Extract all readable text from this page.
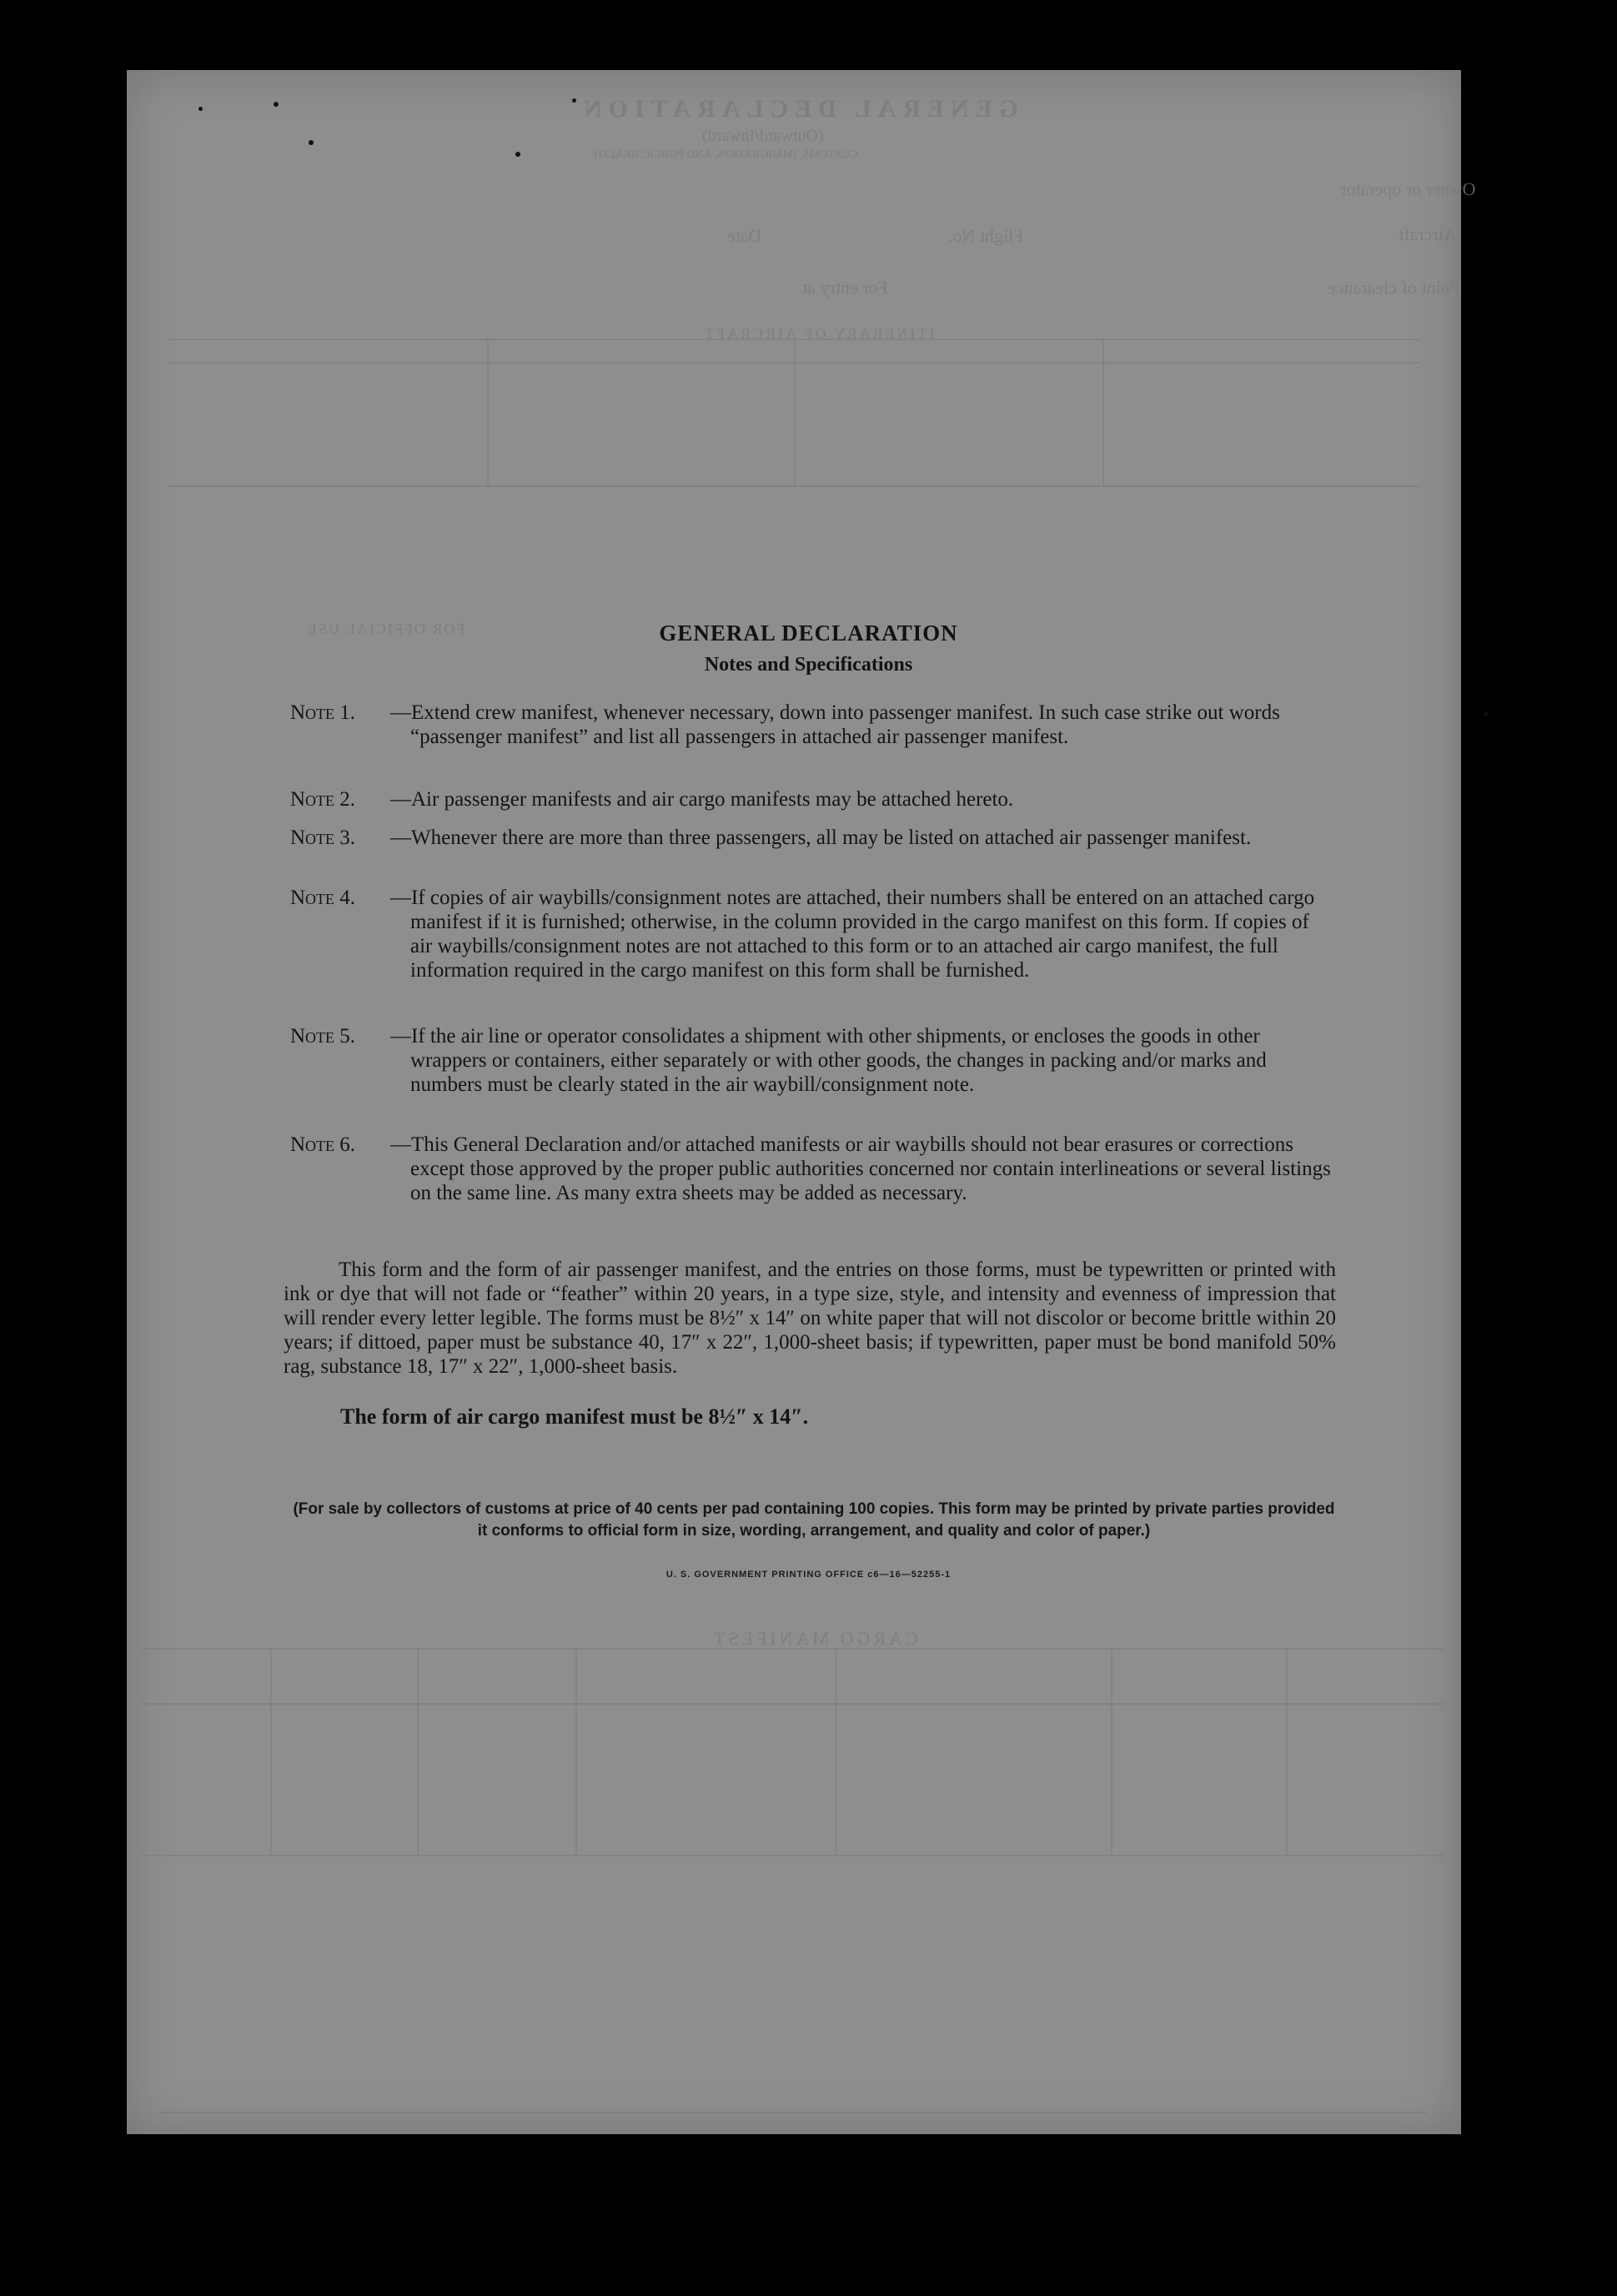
GENERAL DECLARATION
(Outward/Inward)
CUSTOMS, IMMIGRATION, AND PUBLIC HEALTH
Owner or operator
Aircraft
Flight No.
Date
Point of clearance
For entry at
ITINERARY OF AIRCRAFT
FOR OFFICIAL USE
CARGO MANIFEST
GENERAL DECLARATION
Notes and Specifications
Note 1. —Extend crew manifest, whenever necessary, down into passenger manifest. In such case strike out words “passenger manifest” and list all passengers in attached air passenger manifest.
Note 2. —Air passenger manifests and air cargo manifests may be attached hereto.
Note 3. —Whenever there are more than three passengers, all may be listed on attached air passenger manifest.
Note 4. —If copies of air waybills/consignment notes are attached, their numbers shall be entered on an attached cargo manifest if it is furnished; otherwise, in the column provided in the cargo manifest on this form. If copies of air waybills/consignment notes are not attached to this form or to an attached air cargo manifest, the full information required in the cargo manifest on this form shall be furnished.
Note 5. —If the air line or operator consolidates a shipment with other shipments, or encloses the goods in other wrappers or containers, either separately or with other goods, the changes in packing and/or marks and numbers must be clearly stated in the air waybill/consignment note.
Note 6. —This General Declaration and/or attached manifests or air waybills should not bear erasures or corrections except those approved by the proper public authorities concerned nor contain interlineations or several listings on the same line. As many extra sheets may be added as necessary.
This form and the form of air passenger manifest, and the entries on those forms, must be typewritten or printed with ink or dye that will not fade or “feather” within 20 years, in a type size, style, and intensity and evenness of impression that will render every letter legible. The forms must be 8½″ x 14″ on white paper that will not discolor or become brittle within 20 years; if dittoed, paper must be substance 40, 17″ x 22″, 1,000-sheet basis; if typewritten, paper must be bond manifold 50% rag, substance 18, 17″ x 22″, 1,000-sheet basis.
The form of air cargo manifest must be 8½″ x 14″.
(For sale by collectors of customs at price of 40 cents per pad containing 100 copies. This form may be printed by private parties provided it conforms to official form in size, wording, arrangement, and quality and color of paper.)
U. S. GOVERNMENT PRINTING OFFICE c6—16—52255-1
